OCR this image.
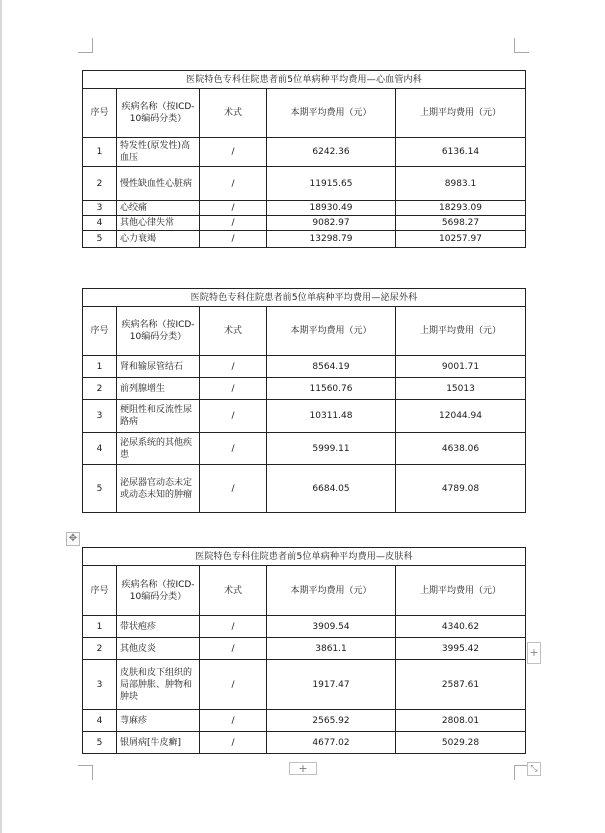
医院特色专科住院患者前5位单病种平均费用—心血管内科				
序号	疾病名称（按ICD-10编码分类）	术式	本期平均费用（元）	上期平均费用（元）
1	特发性(原发性)高血压	/	6242.36	6136.14
2	慢性缺血性心脏病	/	11915.65	8983.1
3	心绞痛	/	18930.49	18293.09
4	其他心律失常	/	9082.97	5698.27
5	心力衰竭	/	13298.79	10257.97
医院特色专科住院患者前5位单病种平均费用—泌尿外科				
序号	疾病名称（按ICD-10编码分类）	术式	本期平均费用（元）	上期平均费用（元）
1	肾和输尿管结石	/	8564.19	9001.71
2	前列腺增生	/	11560.76	15013
3	梗阻性和反流性尿路病	/	10311.48	12044.94
4	泌尿系统的其他疾患	/	5999.11	4638.06
5	泌尿器官动态未定或动态未知的肿瘤	/	6684.05	4789.08
✥
医院特色专科住院患者前5位单病种平均费用—皮肤科				
序号	疾病名称（按ICD-10编码分类）	术式	本期平均费用（元）	上期平均费用（元）
1	带状疱疹	/	3909.54	4340.62
2	其他皮炎	/	3861.1	3995.42
3	皮肤和皮下组织的局部肿胀、肿物和肿块	/	1917.47	2587.61
4	荨麻疹	/	2565.92	2808.01
5	银屑病[牛皮癣]	/	4677.02	5029.28
+
+	⤡
